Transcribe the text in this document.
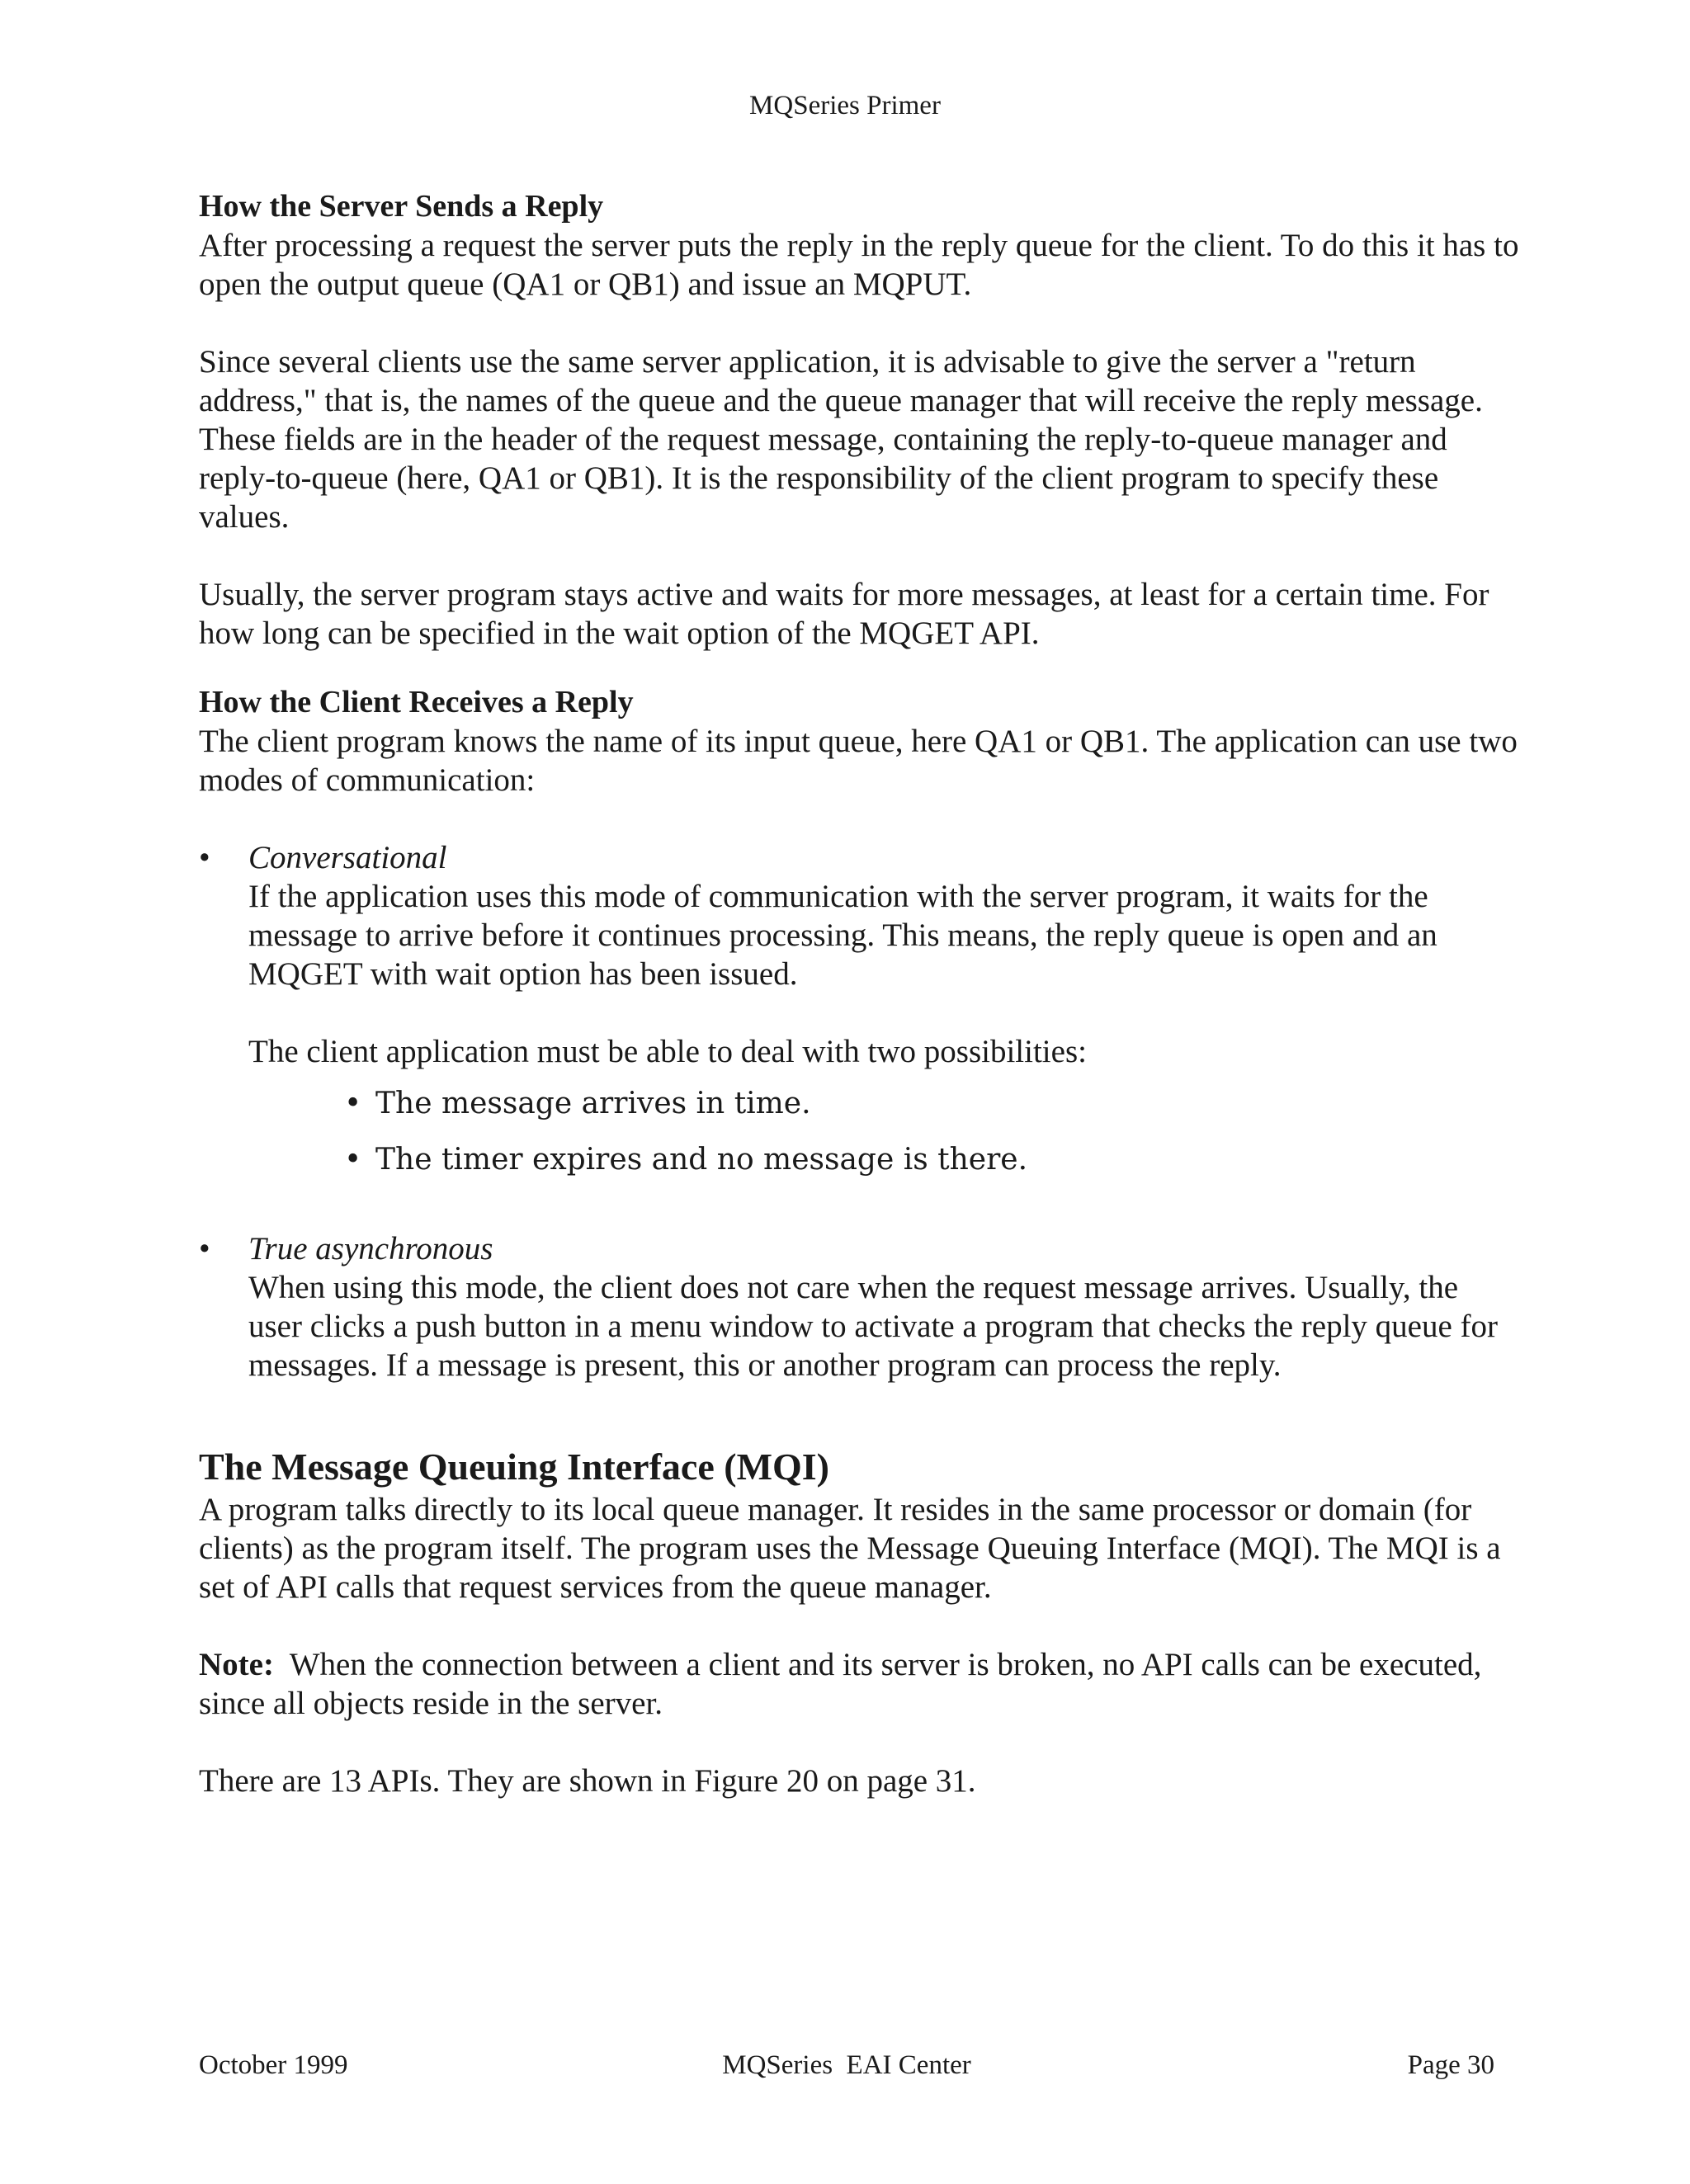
MQSeries Primer

How the Server Sends a Reply

After processing a request the server puts the reply in the reply queue for the client. To do this it has to open the output queue (QA1 or QB1) and issue an MQPUT.

Since several clients use the same server application, it is advisable to give the server a "return address," that is, the names of the queue and the queue manager that will receive the reply message. These fields are in the header of the request message, containing the reply-to-queue manager and reply-to-queue (here, QA1 or QB1). It is the responsibility of the client program to specify these values.

Usually, the server program stays active and waits for more messages, at least for a certain time. For how long can be specified in the wait option of the MQGET API.

How the Client Receives a Reply

The client program knows the name of its input queue, here QA1 or QB1. The application can use two modes of communication:

• Conversational

If the application uses this mode of communication with the server program, it waits for the message to arrive before it continues processing. This means, the reply queue is open and an MQGET with wait option has been issued.

The client application must be able to deal with two possibilities:

• The message arrives in time.
• The timer expires and no message is there.
• True asynchronous

When using this mode, the client does not care when the request message arrives. Usually, the user clicks a push button in a menu window to activate a program that checks the reply queue for messages. If a message is present, this or another program can process the reply.

The Message Queuing Interface (MQI)

A program talks directly to its local queue manager. It resides in the same processor or domain (for clients) as the program itself. The program uses the Message Queuing Interface (MQI). The MQI is a set of API calls that request services from the queue manager.

Note:  When the connection between a client and its server is broken, no API calls can be executed, since all objects reside in the server.

There are 13 APIs. They are shown in Figure 20 on page 31.

October 1999	MQSeries  EAI Center	Page 30
